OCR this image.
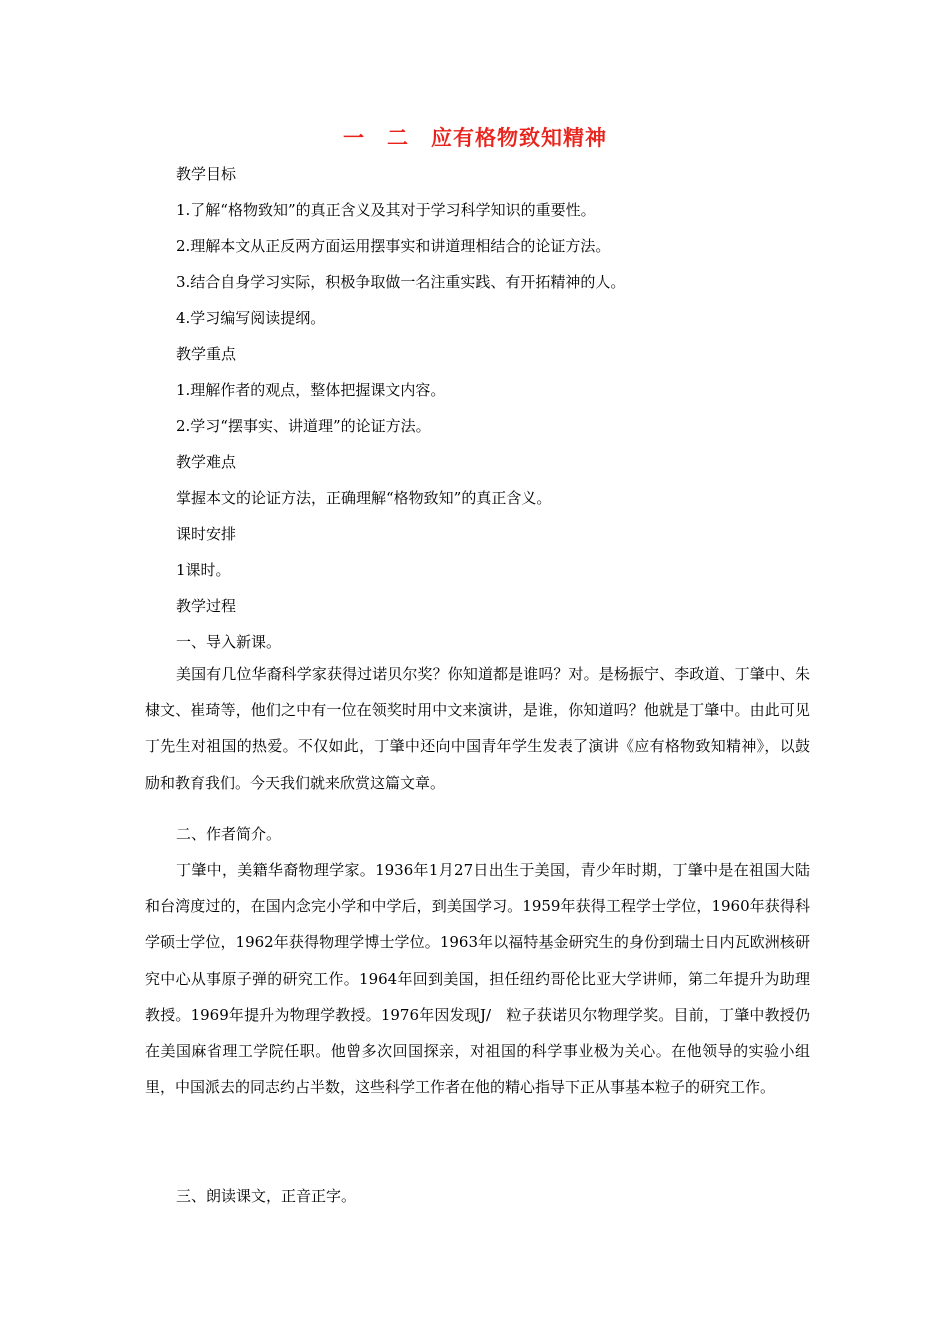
一　二　应有格物致知精神
教学目标
1.了解“格物致知”的真正含义及其对于学习科学知识的重要性。
2.理解本文从正反两方面运用摆事实和讲道理相结合的论证方法。
3.结合自身学习实际，积极争取做一名注重实践、有开拓精神的人。
4.学习编写阅读提纲。
教学重点
1.理解作者的观点，整体把握课文内容。
2.学习“摆事实、讲道理”的论证方法。
教学难点
掌握本文的论证方法，正确理解“格物致知”的真正含义。
课时安排
1课时。
教学过程
一、导入新课。
美国有几位华裔科学家获得过诺贝尔奖？你知道都是谁吗？对。是杨振宁、李政道、丁肇中、朱棣文、崔琦等，他们之中有一位在领奖时用中文来演讲，是谁，你知道吗？他就是丁肇中。由此可见丁先生对祖国的热爱。不仅如此，丁肇中还向中国青年学生发表了演讲《应有格物致知精神》，以鼓励和教育我们。今天我们就来欣赏这篇文章。
二、作者简介。
丁肇中，美籍华裔物理学家。1936年1月27日出生于美国，青少年时期，丁肇中是在祖国大陆和台湾度过的，在国内念完小学和中学后，到美国学习。1959年获得工程学士学位，1960年获得科学硕士学位，1962年获得物理学博士学位。1963年以福特基金研究生的身份到瑞士日内瓦欧洲核研究中心从事原子弹的研究工作。1964年回到美国，担任纽约哥伦比亚大学讲师，第二年提升为助理教授。1969年提升为物理学教授。1976年因发现J/　粒子获诺贝尔物理学奖。目前，丁肇中教授仍在美国麻省理工学院任职。他曾多次回国探亲，对祖国的科学事业极为关心。在他领导的实验小组里，中国派去的同志约占半数，这些科学工作者在他的精心指导下正从事基本粒子的研究工作。
三、朗读课文，正音正字。
